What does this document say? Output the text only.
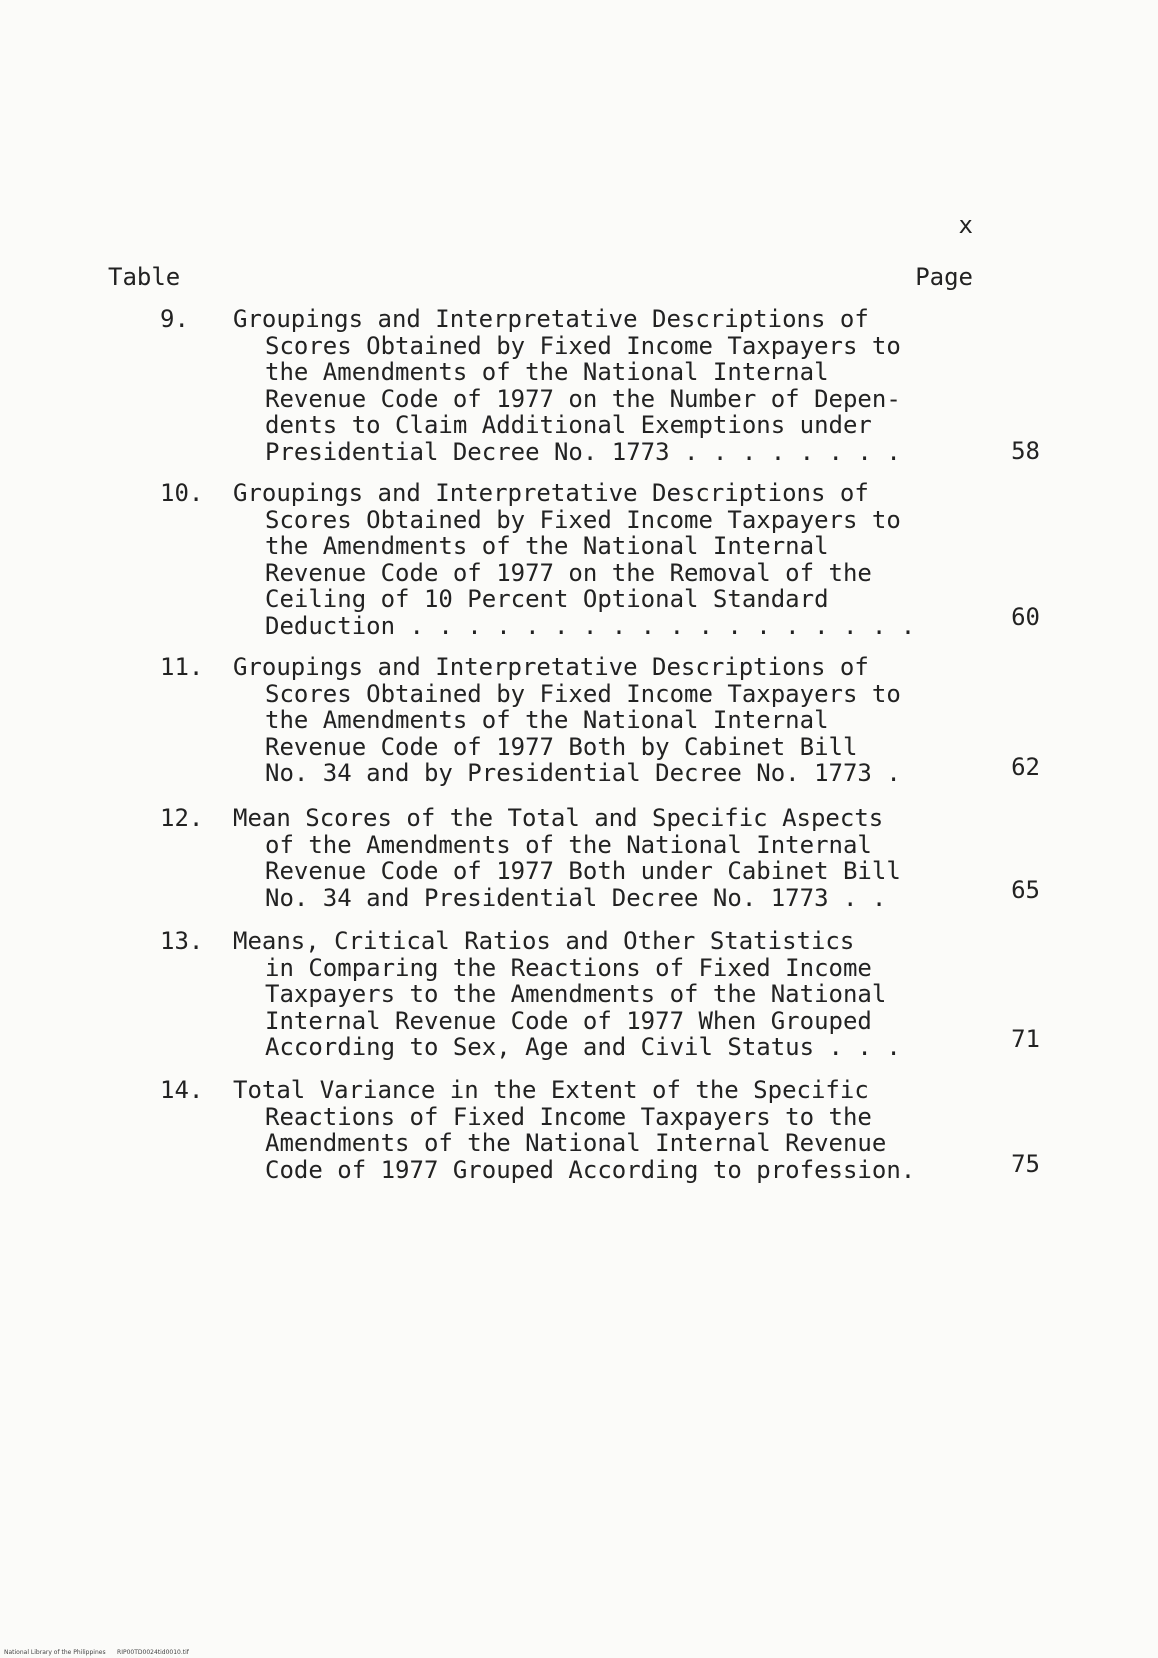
x
Table	Page
9.	Groupings and Interpretative Descriptions of
Scores Obtained by Fixed Income Taxpayers to
the Amendments of the National Internal
Revenue Code of 1977 on the Number of Depen-
dents to Claim Additional Exemptions under
Presidential Decree No. 1773 . . . . . . . .	58
10.	Groupings and Interpretative Descriptions of
Scores Obtained by Fixed Income Taxpayers to
the Amendments of the National Internal
Revenue Code of 1977 on the Removal of the
Ceiling of 10 Percent Optional Standard
Deduction . . . . . . . . . . . . . . . . . .	60
11.	Groupings and Interpretative Descriptions of
Scores Obtained by Fixed Income Taxpayers to
the Amendments of the National Internal
Revenue Code of 1977 Both by Cabinet Bill
No. 34 and by Presidential Decree No. 1773 .	62
12.	Mean Scores of the Total and Specific Aspects
of the Amendments of the National Internal
Revenue Code of 1977 Both under Cabinet Bill
No. 34 and Presidential Decree No. 1773 . .	65
13.	Means, Critical Ratios and Other Statistics
in Comparing the Reactions of Fixed Income
Taxpayers to the Amendments of the National
Internal Revenue Code of 1977 When Grouped
According to Sex, Age and Civil Status . . .	71
14.	Total Variance in the Extent of the Specific
Reactions of Fixed Income Taxpayers to the
Amendments of the National Internal Revenue
Code of 1977 Grouped According to profession.	75
National Library of the Philippines RIP00TD0024tid0010.tif
